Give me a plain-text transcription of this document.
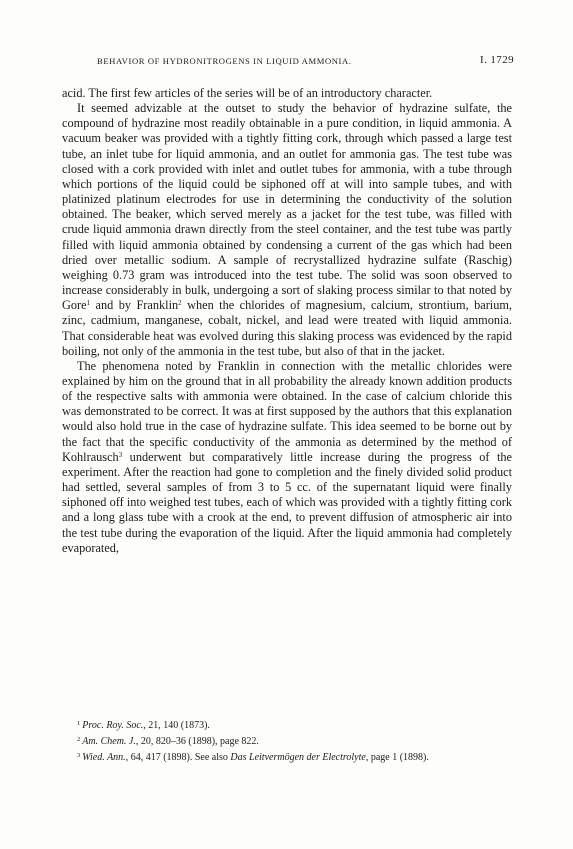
BEHAVIOR OF HYDRONITROGENS IN LIQUID AMMONIA.	I. 1729

acid. The first few articles of the series will be of an introductory character.

It seemed advizable at the outset to study the behavior of hydrazine sulfate, the compound of hydrazine most readily obtainable in a pure condition, in liquid ammonia. A vacuum beaker was provided with a tightly fitting cork, through which passed a large test tube, an inlet tube for liquid ammonia, and an outlet for ammonia gas. The test tube was closed with a cork provided with inlet and outlet tubes for ammonia, with a tube through which portions of the liquid could be siphoned off at will into sample tubes, and with platinized platinum electrodes for use in determining the conductivity of the solution obtained. The beaker, which served merely as a jacket for the test tube, was filled with crude liquid ammonia drawn directly from the steel container, and the test tube was partly filled with liquid ammonia obtained by condensing a current of the gas which had been dried over metallic sodium. A sample of recrystallized hydrazine sulfate (Raschig) weighing 0.73 gram was introduced into the test tube. The solid was soon observed to increase considerably in bulk, undergoing a sort of slaking process similar to that noted by Gore$^1$ and by Franklin$^2$ when the chlorides of magnesium, calcium, strontium, barium, zinc, cadmium, manganese, cobalt, nickel, and lead were treated with liquid ammonia. That considerable heat was evolved during this slaking process was evidenced by the rapid boiling, not only of the ammonia in the test tube, but also of that in the jacket.

The phenomena noted by Franklin in connection with the metallic chlorides were explained by him on the ground that in all probability the already known addition products of the respective salts with ammonia were obtained. In the case of calcium chloride this was demonstrated to be correct. It was at first supposed by the authors that this explanation would also hold true in the case of hydrazine sulfate. This idea seemed to be borne out by the fact that the specific conductivity of the ammonia as determined by the method of Kohlrausch$^3$ underwent but comparatively little increase during the progress of the experiment. After the reaction had gone to completion and the finely divided solid product had settled, several samples of from 3 to 5 cc. of the supernatant liquid were finally siphoned off into weighed test tubes, each of which was provided with a tightly fitting cork and a long glass tube with a crook at the end, to prevent diffusion of atmospheric air into the test tube during the evaporation of the liquid. After the liquid ammonia had completely evaporated,

$^1$ Proc. Roy. Soc., 21, 140 (1873).

$^2$ Am. Chem. J., 20, 820–36 (1898), page 822.

$^3$ Wied. Ann., 64, 417 (1898). See also Das Leitvermögen der Electrolyte, page 1 (1898).
